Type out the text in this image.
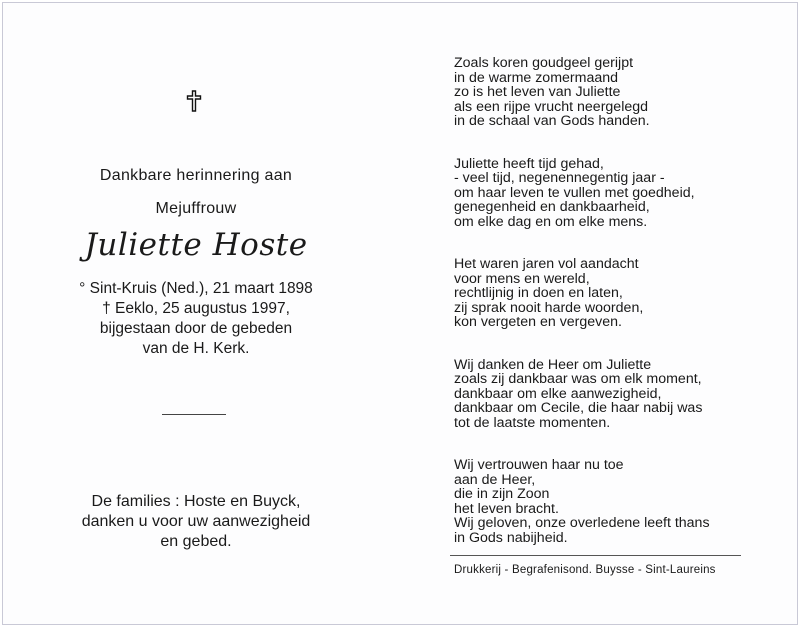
Dankbare herinnering aan
Mejuffrouw
Juliette Hoste
° Sint-Kruis (Ned.), 21 maart 1898
† Eeklo, 25 augustus 1997,
bijgestaan door de gebeden
van de H. Kerk.
De families : Hoste en Buyck,
danken u voor uw aanwezigheid
en gebed.
Zoals koren goudgeel gerijpt
in de warme zomermaand
zo is het leven van Juliette
als een rijpe vrucht neergelegd
in de schaal van Gods handen.
Juliette heeft tijd gehad,
- veel tijd, negenennegentig jaar -
om haar leven te vullen met goedheid,
genegenheid en dankbaarheid,
om elke dag en om elke mens.
Het waren jaren vol aandacht
voor mens en wereld,
rechtlijnig in doen en laten,
zij sprak nooit harde woorden,
kon vergeten en vergeven.
Wij danken de Heer om Juliette
zoals zij dankbaar was om elk moment,
dankbaar om elke aanwezigheid,
dankbaar om Cecile, die haar nabij was
tot de laatste momenten.
Wij vertrouwen haar nu toe
aan de Heer,
die in zijn Zoon
het leven bracht.
Wij geloven, onze overledene leeft thans
in Gods nabijheid.
Drukkerij - Begrafenisond. Buysse - Sint-Laureins
